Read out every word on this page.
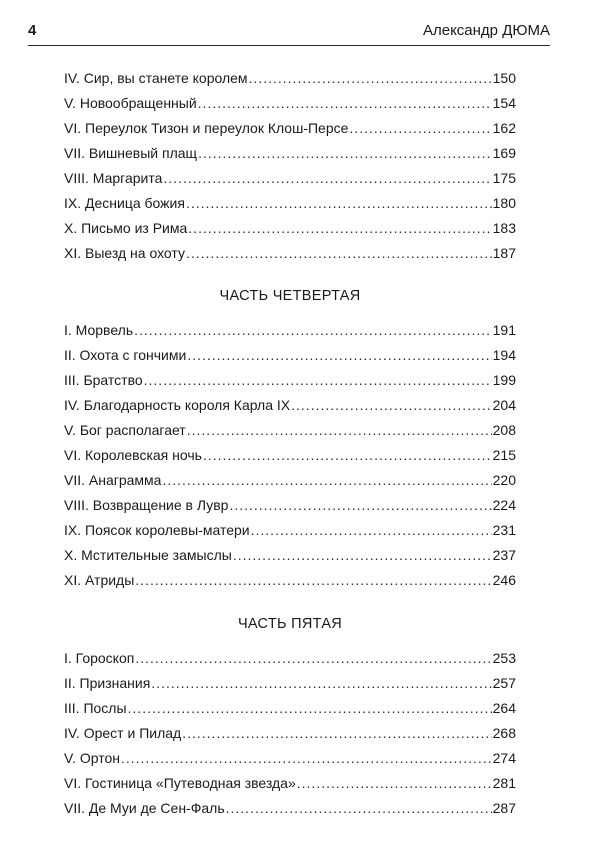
4	Александр ДЮМА
IV. Сир, вы станете королем .....	150
V. Новообращенный .....	154
VI. Переулок Тизон и переулок Клош-Персе .....	162
VII. Вишневый плащ .....	169
VIII. Маргарита .....	175
IX. Десница божия .....	180
X. Письмо из Рима .....	183
XI. Выезд на охоту .....	187
ЧАСТЬ ЧЕТВЕРТАЯ
I. Морвель .....	191
II. Охота с гончими .....	194
III. Братство .....	199
IV. Благодарность короля Карла IX .....	204
V. Бог располагает .....	208
VI. Королевская ночь .....	215
VII. Анаграмма .....	220
VIII. Возвращение в Лувр .....	224
IX. Поясок королевы-матери .....	231
X. Мстительные замыслы .....	237
XI. Атриды .....	246
ЧАСТЬ ПЯТАЯ
I. Гороскоп .....	253
II. Признания .....	257
III. Послы .....	264
IV. Орест и Пилад .....	268
V. Ортон .....	274
VI. Гостиница «Путеводная звезда» .....	281
VII. Де Муи де Сен-Фаль .....	287
